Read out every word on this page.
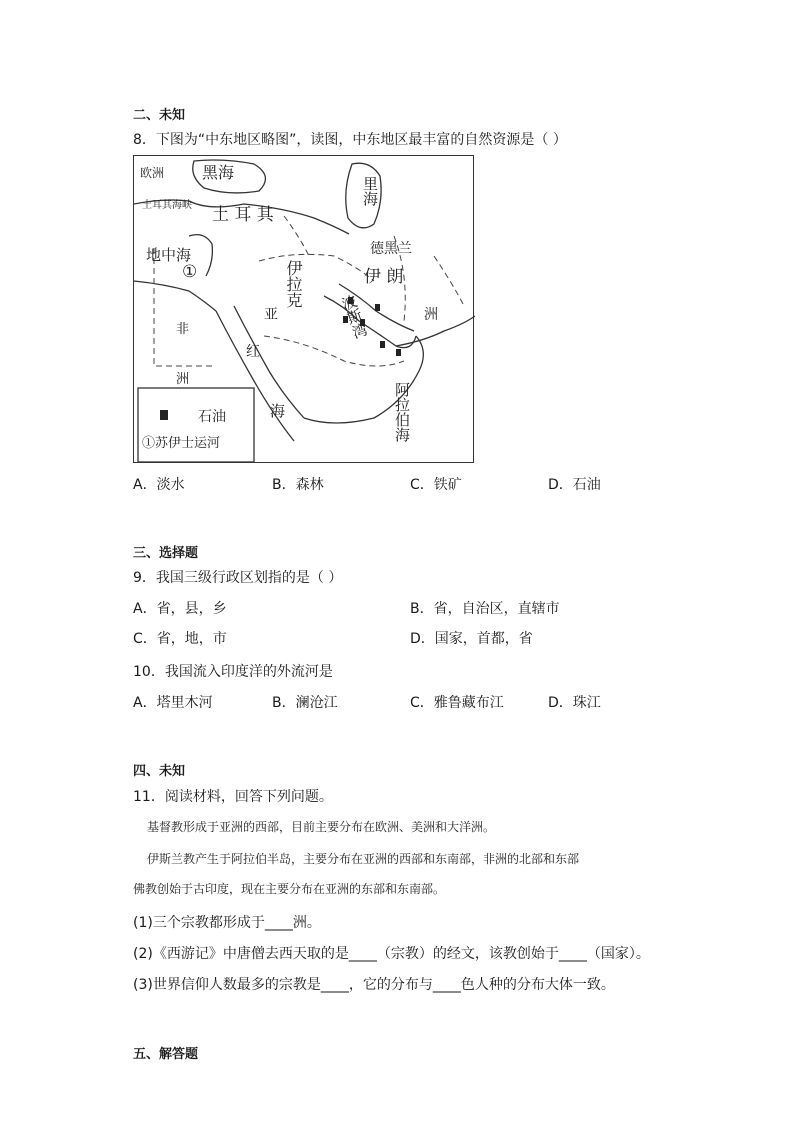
二、未知
8．下图为“中东地区略图”，读图，中东地区最丰富的自然资源是（ ）
欧洲 黑海
土耳其海峡 土 耳 其
里海
德黑兰
地中海
①	伊拉克	伊 朗
波斯湾
亚	洲
非
洲
红
海	阿拉伯海
石油
①苏伊士运河
A．淡水	B．森林	C．铁矿	D．石油
三、选择题
9．我国三级行政区划指的是（ ）
A．省，县，乡	B．省，自治区，直辖市
C．省，地，市	D．国家，首都，省
10．我国流入印度洋的外流河是
A．塔里木河	B．澜沧江	C．雅鲁藏布江	D．珠江
四、未知
11．阅读材料，回答下列问题。
基督教形成于亚洲的西部，目前主要分布在欧洲、美洲和大洋洲。
伊斯兰教产生于阿拉伯半岛，主要分布在亚洲的西部和东南部，非洲的北部和东部
佛教创始于古印度，现在主要分布在亚洲的东部和东南部。
(1)三个宗教都形成于____洲。
(2)《西游记》中唐僧去西天取的是____（宗教）的经文，该教创始于____（国家）。
(3)世界信仰人数最多的宗教是____，它的分布与____色人种的分布大体一致。
五、解答题
